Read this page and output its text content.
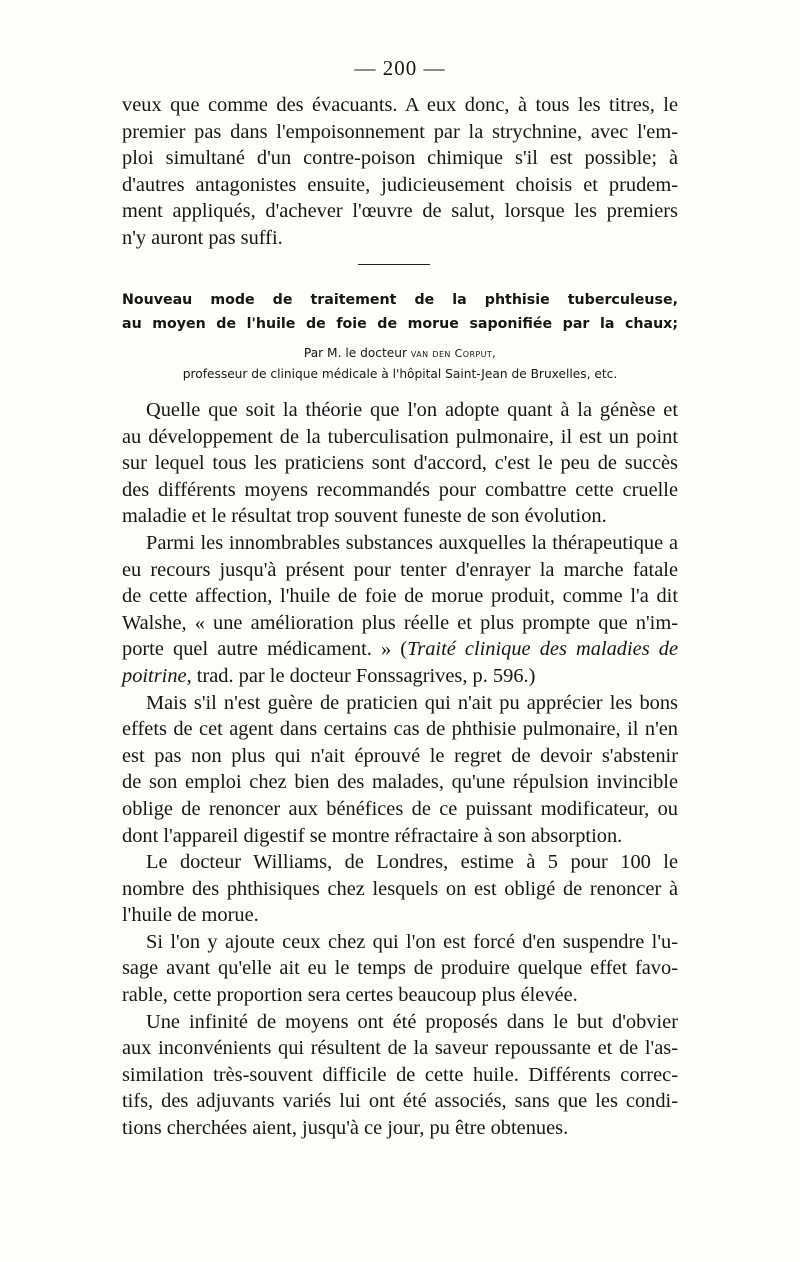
— 200 —

veux que comme des évacuants. A eux donc, à tous les titres, le

premier pas dans l'empoisonnement par la strychnine, avec l'em-

ploi simultané d'un contre-poison chimique s'il est possible; à

d'autres antagonistes ensuite, judicieusement choisis et prudem-

ment appliqués, d'achever l'œuvre de salut, lorsque les premiers

n'y auront pas suffi.

Nouveau mode de traitement de la phthisie tuberculeuse,
au moyen de l'huile de foie de morue saponifiée par la chaux;
Par M. le docteur van den Corput,
professeur de clinique médicale à l'hôpital Saint-Jean de Bruxelles, etc.

Quelle que soit la théorie que l'on adopte quant à la génèse et

au développement de la tuberculisation pulmonaire, il est un point

sur lequel tous les praticiens sont d'accord, c'est le peu de succès

des différents moyens recommandés pour combattre cette cruelle

maladie et le résultat trop souvent funeste de son évolution.

Parmi les innombrables substances auxquelles la thérapeutique a

eu recours jusqu'à présent pour tenter d'enrayer la marche fatale

de cette affection, l'huile de foie de morue produit, comme l'a dit

Walshe, « une amélioration plus réelle et plus prompte que n'im-

porte quel autre médicament. » (Traité clinique des maladies de

poitrine, trad. par le docteur Fonssagrives, p. 596.)

Mais s'il n'est guère de praticien qui n'ait pu apprécier les bons

effets de cet agent dans certains cas de phthisie pulmonaire, il n'en

est pas non plus qui n'ait éprouvé le regret de devoir s'abstenir

de son emploi chez bien des malades, qu'une répulsion invincible

oblige de renoncer aux bénéfices de ce puissant modificateur, ou

dont l'appareil digestif se montre réfractaire à son absorption.

Le docteur Williams, de Londres, estime à 5 pour 100 le

nombre des phthisiques chez lesquels on est obligé de renoncer à

l'huile de morue.

Si l'on y ajoute ceux chez qui l'on est forcé d'en suspendre l'u-

sage avant qu'elle ait eu le temps de produire quelque effet favo-

rable, cette proportion sera certes beaucoup plus élevée.

Une infinité de moyens ont été proposés dans le but d'obvier

aux inconvénients qui résultent de la saveur repoussante et de l'as-

similation très-souvent difficile de cette huile. Différents correc-

tifs, des adjuvants variés lui ont été associés, sans que les condi-

tions cherchées aient, jusqu'à ce jour, pu être obtenues.
